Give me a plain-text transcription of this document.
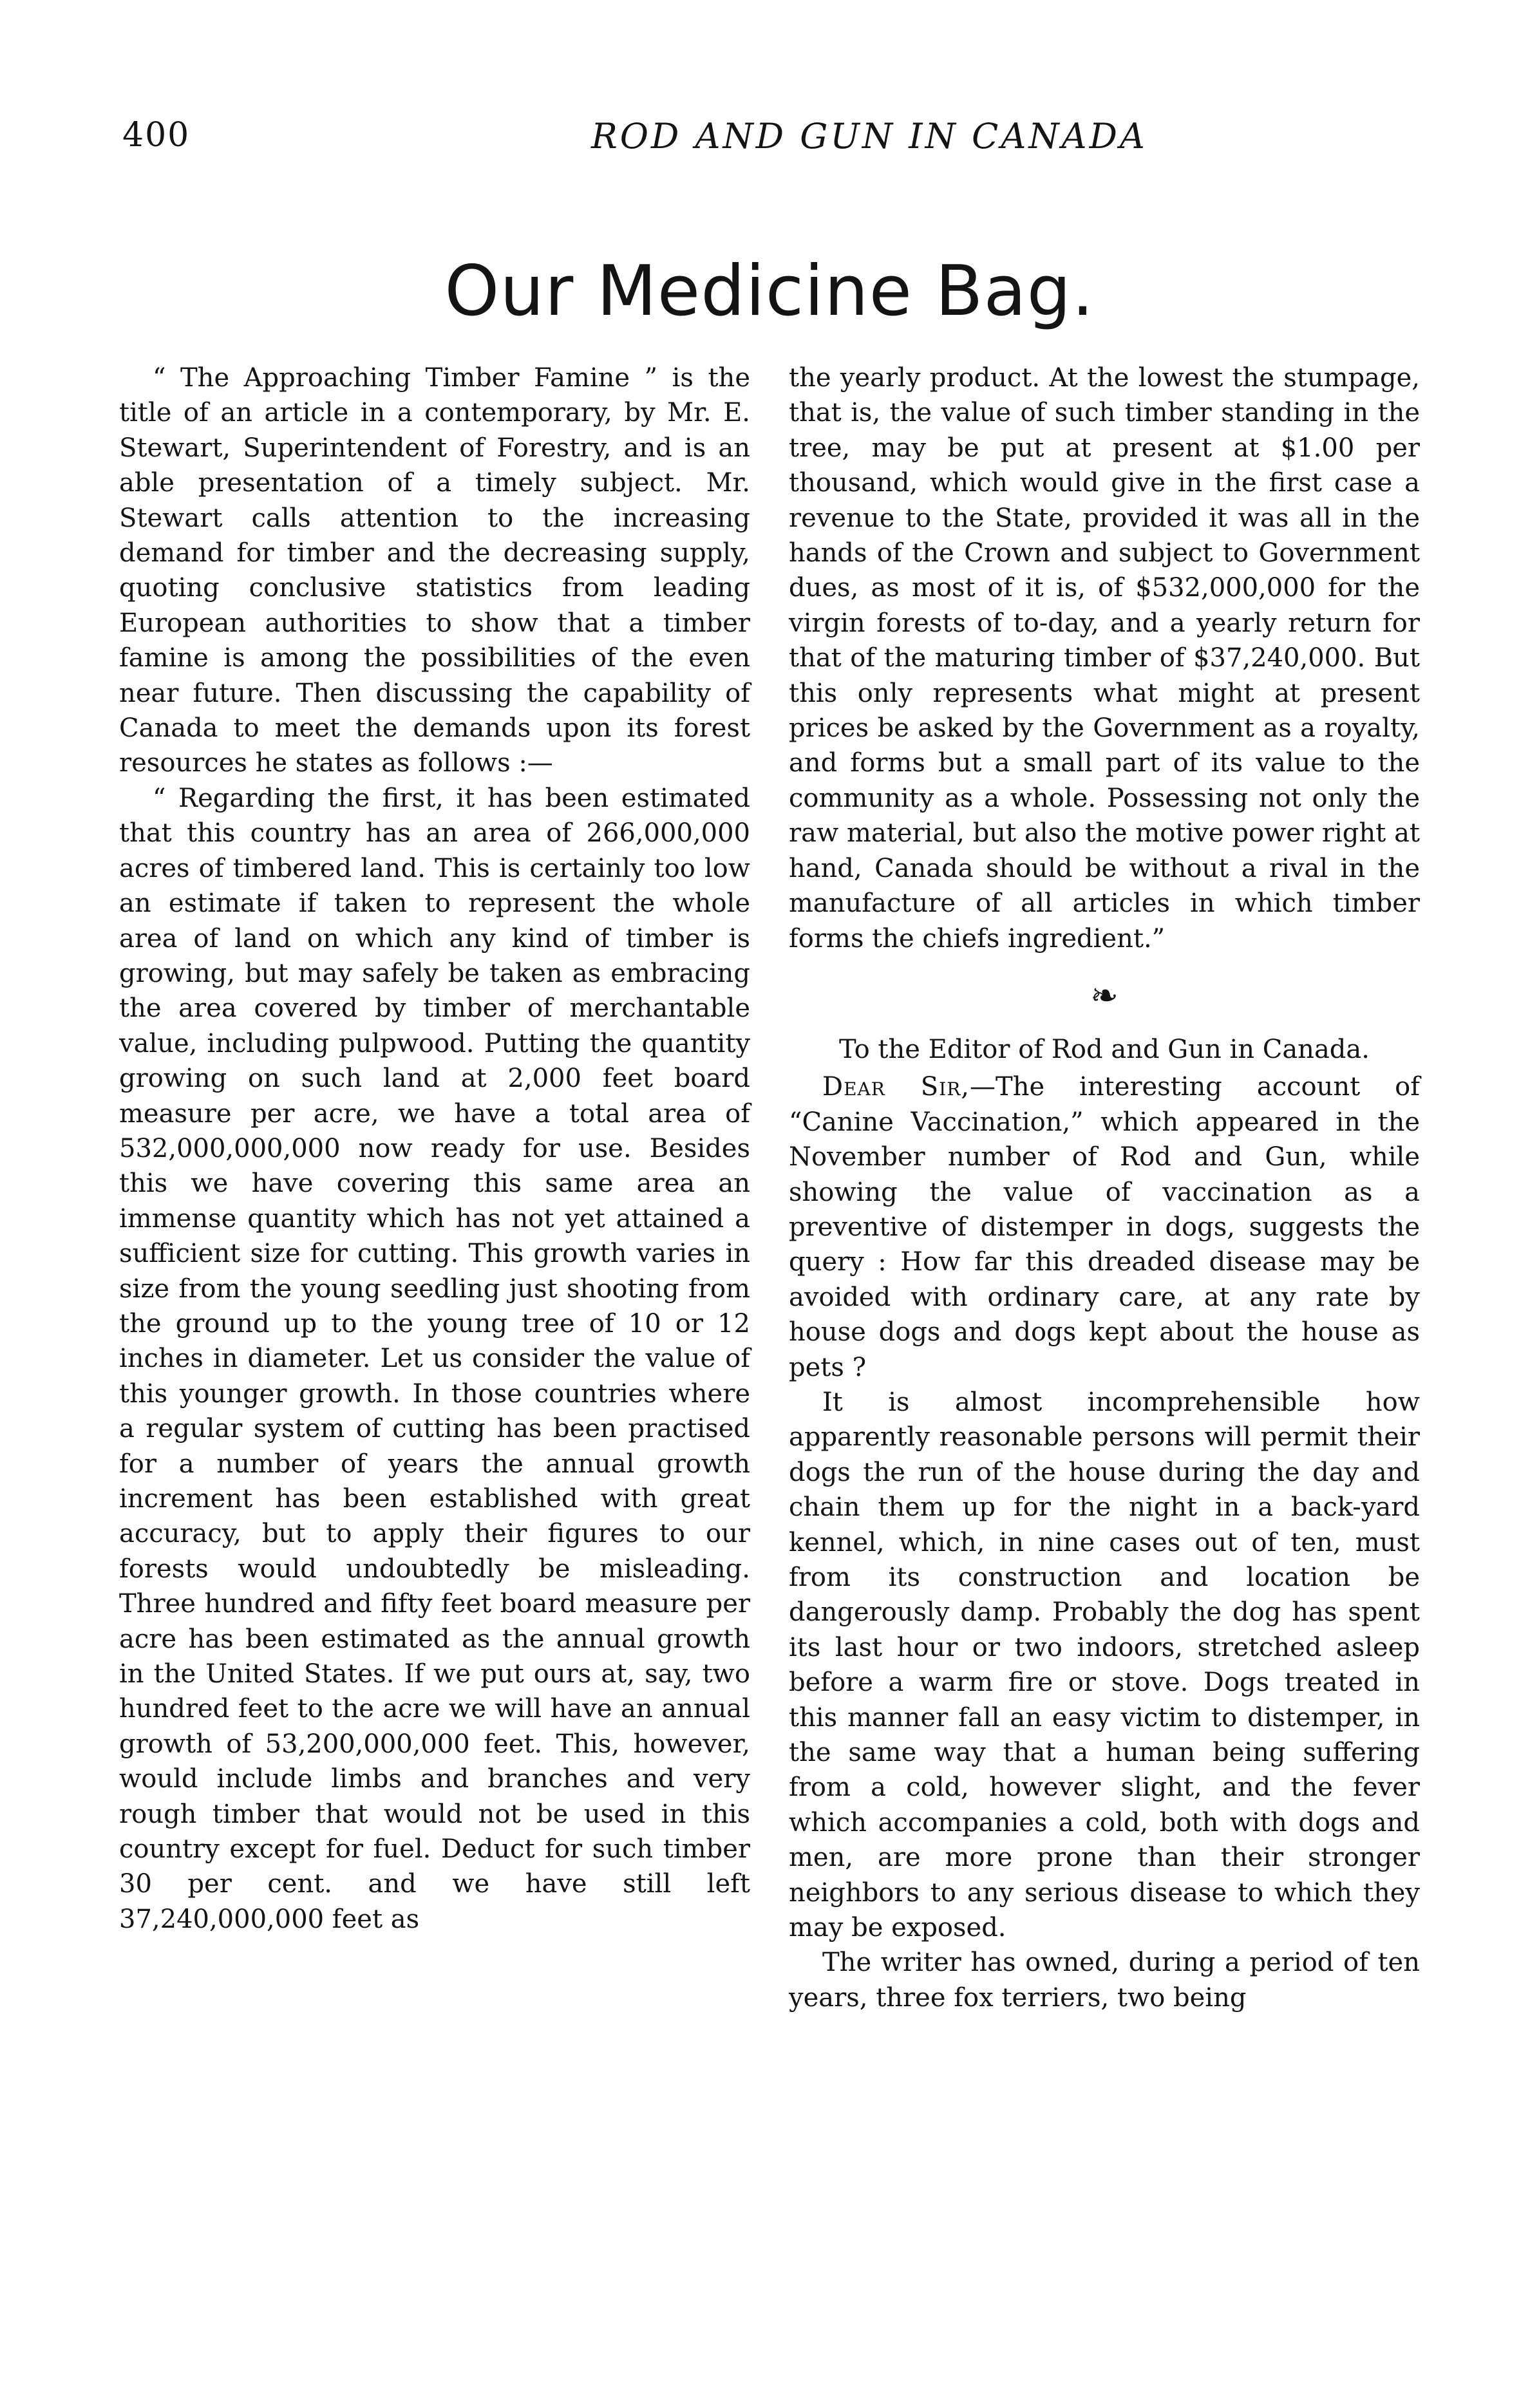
400	ROD AND GUN IN CANADA
Our Medicine Bag.

“ The Approaching Timber Famine ” is the title of an article in a contemporary, by Mr. E. Stewart, Superintendent of Forestry, and is an able presentation of a timely subject. Mr. Stewart calls attention to the increasing demand for timber and the decreasing supply, quoting conclusive statistics from leading European authorities to show that a timber famine is among the possibilities of the even near future. Then discussing the capability of Canada to meet the demands upon its forest resources he states as follows :—

“ Regarding the first, it has been estimated that this country has an area of 266,000,000 acres of timbered land. This is certainly too low an estimate if taken to represent the whole area of land on which any kind of timber is growing, but may safely be taken as embracing the area covered by timber of merchantable value, including pulpwood. Putting the quantity growing on such land at 2,000 feet board measure per acre, we have a total area of 532,000,000,000 now ready for use. Besides this we have covering this same area an immense quantity which has not yet attained a sufficient size for cutting. This growth varies in size from the young seedling just shooting from the ground up to the young tree of 10 or 12 inches in diameter. Let us consider the value of this younger growth. In those countries where a regular system of cutting has been practised for a number of years the annual growth increment has been established with great accuracy, but to apply their figures to our forests would undoubtedly be misleading. Three hundred and fifty feet board measure per acre has been estimated as the annual growth in the United States. If we put ours at, say, two hundred feet to the acre we will have an annual growth of 53,200,000,000 feet. This, however, would include limbs and branches and very rough timber that would not be used in this country except for fuel. Deduct for such timber 30 per cent. and we have still left 37,240,000,000 feet as

the yearly product. At the lowest the stumpage, that is, the value of such timber standing in the tree, may be put at present at $1.00 per thousand, which would give in the first case a revenue to the State, provided it was all in the hands of the Crown and subject to Government dues, as most of it is, of $532,000,000 for the virgin forests of to-day, and a yearly return for that of the maturing timber of $37,240,000. But this only represents what might at present prices be asked by the Government as a royalty, and forms but a small part of its value to the community as a whole. Possessing not only the raw material, but also the motive power right at hand, Canada should be without a rival in the manufacture of all articles in which timber forms the chiefs ingredient.”

❧
To the Editor of Rod and Gun in Canada.

Dear Sir,—The interesting account of “Canine Vaccination,” which appeared in the November number of Rod and Gun, while showing the value of vaccination as a preventive of distemper in dogs, suggests the query : How far this dreaded disease may be avoided with ordinary care, at any rate by house dogs and dogs kept about the house as pets ?

It is almost incomprehensible how apparently reasonable persons will permit their dogs the run of the house during the day and chain them up for the night in a back-yard kennel, which, in nine cases out of ten, must from its construction and location be dangerously damp. Probably the dog has spent its last hour or two indoors, stretched asleep before a warm fire or stove. Dogs treated in this manner fall an easy victim to distemper, in the same way that a human being suffering from a cold, however slight, and the fever which accompanies a cold, both with dogs and men, are more prone than their stronger neighbors to any serious disease to which they may be exposed.

The writer has owned, during a period of ten years, three fox terriers, two being
